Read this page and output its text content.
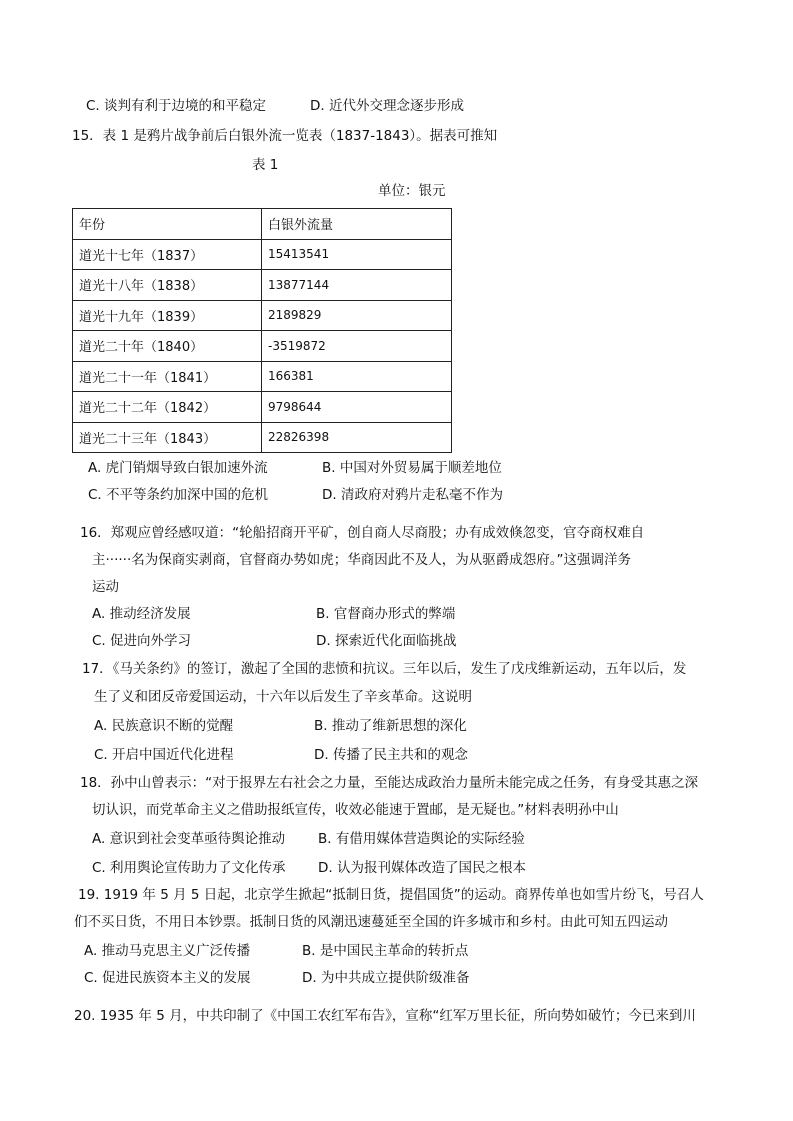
C. 谈判有利于边境的和平稳定	D. 近代外交理念逐步形成
15．表 1 是鸦片战争前后白银外流一览表（1837-1843）。据表可推知
表 1
单位：银元
年份	白银外流量
道光十七年（1837）	15413541
道光十八年（1838）	13877144
道光十九年（1839）	2189829
道光二十年（1840）	-3519872
道光二十一年（1841）	166381
道光二十二年（1842）	9798644
道光二十三年（1843）	22826398
A. 虎门销烟导致白银加速外流	B. 中国对外贸易属于顺差地位
C. 不平等条约加深中国的危机	D. 清政府对鸦片走私毫不作为
16．郑观应曾经感叹道：“轮船招商开平矿，创自商人尽商股；办有成效倏忽变，官夺商权难自
主······名为保商实剥商，官督商办势如虎；华商因此不及人，为从驱爵成怨府。”这强调洋务
运动
A. 推动经济发展	B. 官督商办形式的弊端
C. 促进向外学习	D. 探索近代化面临挑战
17．《马关条约》的签订，激起了全国的悲愤和抗议。三年以后，发生了戊戌维新运动，五年以后，发
生了义和团反帝爱国运动，十六年以后发生了辛亥革命。这说明
A. 民族意识不断的觉醒	B. 推动了维新思想的深化
C. 开启中国近代化进程	D. 传播了民主共和的观念
18．孙中山曾表示：“对于报界左右社会之力量，至能达成政治力量所未能完成之任务，有身受其惠之深
切认识，而党革命主义之借助报纸宣传，收效必能速于置邮，是无疑也。”材料表明孙中山
A. 意识到社会变革亟待舆论推动 B. 有借用媒体营造舆论的实际经验
C. 利用舆论宣传助力了文化传承 D. 认为报刊媒体改造了国民之根本
19. 1919 年 5 月 5 日起，北京学生掀起“抵制日货，提倡国货”的运动。商界传单也如雪片纷飞，号召人
们不买日货，不用日本钞票。抵制日货的风潮迅速蔓延至全国的许多城市和乡村。由此可知五四运动
A. 推动马克思主义广泛传播	B. 是中国民主革命的转折点
C. 促进民族资本主义的发展	D. 为中共成立提供阶级准备
20. 1935 年 5 月，中共印制了《中国工农红军布告》，宣称“红军万里长征，所向势如破竹；今已来到川
